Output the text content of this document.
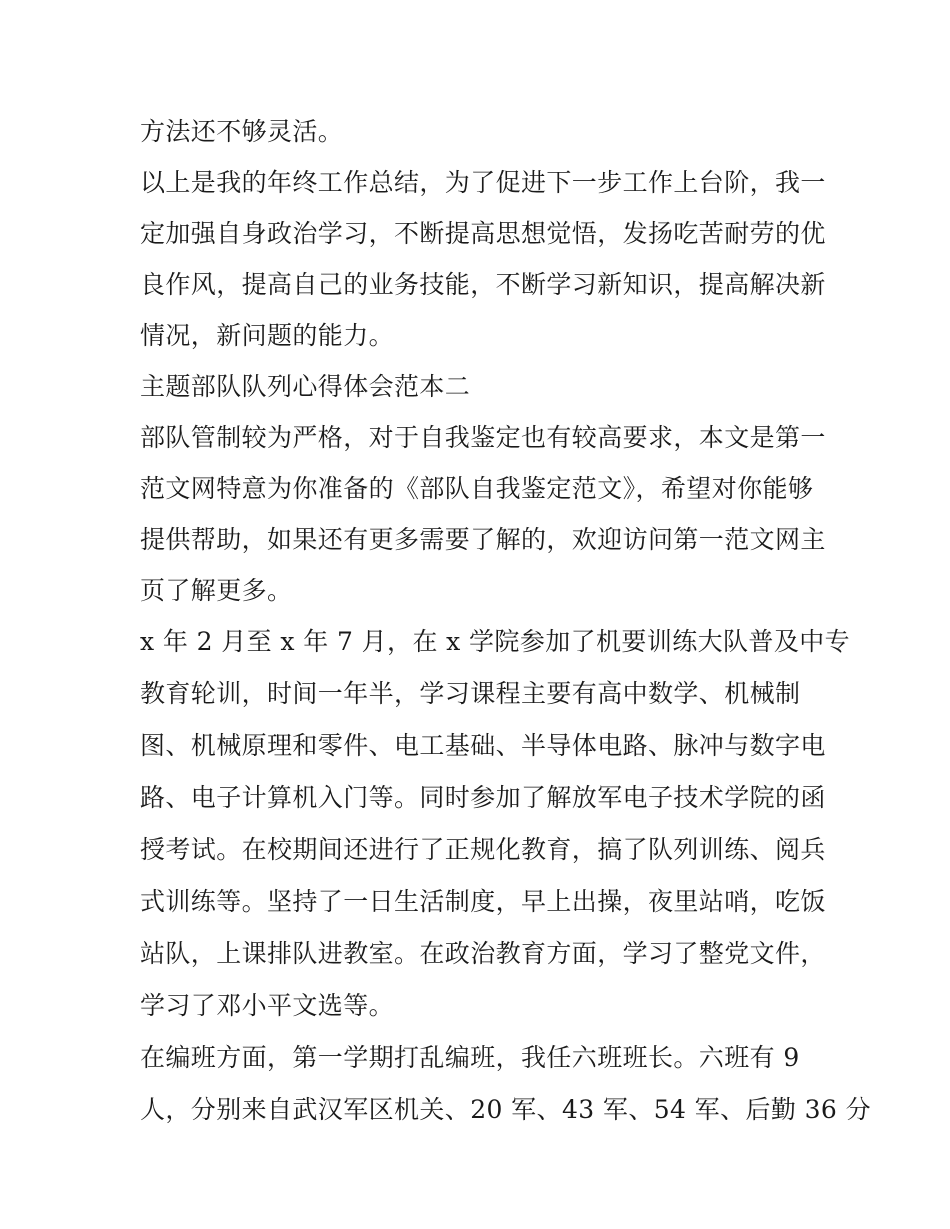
方法还不够灵活。
以上是我的年终工作总结，为了促进下一步工作上台阶，我一
定加强自身政治学习，不断提高思想觉悟，发扬吃苦耐劳的优
良作风，提高自己的业务技能，不断学习新知识，提高解决新
情况，新问题的能力。
主题部队队列心得体会范本二
部队管制较为严格，对于自我鉴定也有较高要求，本文是第一
范文网特意为你准备的《部队自我鉴定范文》，希望对你能够
提供帮助，如果还有更多需要了解的，欢迎访问第一范文网主
页了解更多。
x 年 2 月至 x 年 7 月，在 x 学院参加了机要训练大队普及中专
教育轮训，时间一年半，学习课程主要有高中数学、机械制
图、机械原理和零件、电工基础、半导体电路、脉冲与数字电
路、电子计算机入门等。同时参加了解放军电子技术学院的函
授考试。在校期间还进行了正规化教育，搞了队列训练、阅兵
式训练等。坚持了一日生活制度，早上出操，夜里站哨，吃饭
站队，上课排队进教室。在政治教育方面，学习了整党文件，
学习了邓小平文选等。
在编班方面，第一学期打乱编班，我任六班班长。六班有 9
人，分别来自武汉军区机关、20 军、43 军、54 军、后勤 36 分
